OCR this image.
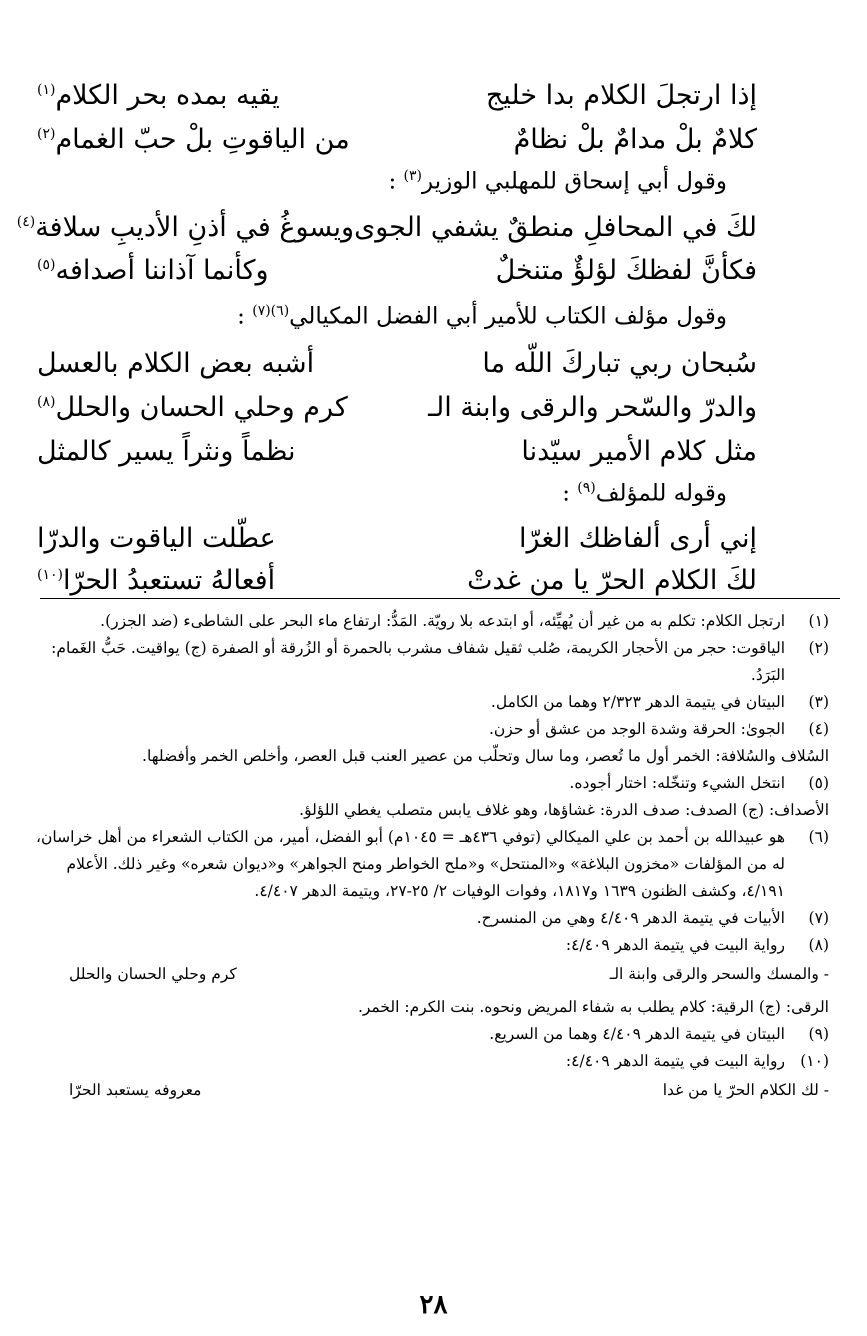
إذا ارتجلَ الكلام بدا خليج
يقيه بمده بحر الكلام$^{(١)}$
كلامٌ بلْ مدامٌ بلْ نظامٌ
من الياقوتِ بلْ حبّ الغمام$^{(٢)}$
وقول أبي إسحاق للمهلبي الوزير$^{(٣)}$ :
لكَ في المحافلِ منطقٌ يشفي الجوى
ويسوغُ في أذنِ الأديبِ سلافة$^{(٤)}$
فكأنَّ لفظكَ لؤلؤٌ متنخلٌ
وكأنما آذاننا أصدافه$^{(٥)}$
وقول مؤلف الكتاب للأمير أبي الفضل المكيالي$^{(٦)(٧)}$ :
سُبحان ربي تباركَ اللّه ما
أشبه بعض الكلام بالعسل
والدرّ والسّحر والرقى وابنة الـ
كرم وحلي الحسان والحلل$^{(٨)}$
مثل كلام الأمير سيّدنا
نظماً ونثراً يسير كالمثل
وقوله للمؤلف$^{(٩)}$ :
إني أرى ألفاظك الغرّا
عطّلت الياقوت والدرّا
لكَ الكلام الحرّ يا من غدتْ
أفعالهُ تستعبدُ الحرّا$^{(١٠)}$
(١)
ارتجل الكلام: تكلم به من غير أن يُهيِّئه، أو ابتدعه بلا رويّة. المَدُّ: ارتفاع ماء البحر على الشاطىء (ضد الجزر).
(٢)
الياقوت: حجر من الأحجار الكريمة، صُلب ثقيل شفاف مشرب بالحمرة أو الزُرقة أو الصفرة (ج) يواقيت. حَبُّ الغَمام: البَرَدُ.
(٣)
البيتان في يتيمة الدهر ٢/٣٢٣ وهما من الكامل.
(٤)
الجوىٰ: الحرقة وشدة الوجد من عشق أو حزن.
السُلاف والسُلافة: الخمر أول ما تُعصر، وما سال وتحلّب من عصير العنب قبل العصر، وأخلص الخمر وأفضلها.
(٥)
انتخل الشيء وتنخّله: اختار أجوده.
الأصداف: (ج) الصدف: صدف الدرة: غشاؤها، وهو غلاف يابس متصلب يغطي اللؤلؤ.
(٦)
هو عبيدالله بن أحمد بن علي الميكالي (توفي ٤٣٦هـ = ١٠٤٥م) أبو الفضل، أمير، من الكتاب الشعراء من أهل خراسان، له من المؤلفات «مخزون البلاغة» و«المنتحل» و«ملح الخواطر ومنح الجواهر» و«ديوان شعره» وغير ذلك. الأعلام ٤/١٩١، وكشف الظنون ١٦٣٩ و١٨١٧، وفوات الوفيات ٢/ ٢٥-٢٧، ويتيمة الدهر ٤/٤٠٧.
(٧)
الأبيات في يتيمة الدهر ٤/٤٠٩ وهي من المنسرح.
(٨)
رواية البيت في يتيمة الدهر ٤/٤٠٩:
- والمسك والسحر والرقى وابنة الـ
كرم وحلي الحسان والحلل
الرقى: (ج) الرقية: كلام يطلب به شفاء المريض ونحوه. بنت الكرم: الخمر.
(٩)
البيتان في يتيمة الدهر ٤/٤٠٩ وهما من السريع.
(١٠)
رواية البيت في يتيمة الدهر ٤/٤٠٩:
- لك الكلام الحرّ يا من غدا
معروفه يستعبد الحرّا
٢٨
